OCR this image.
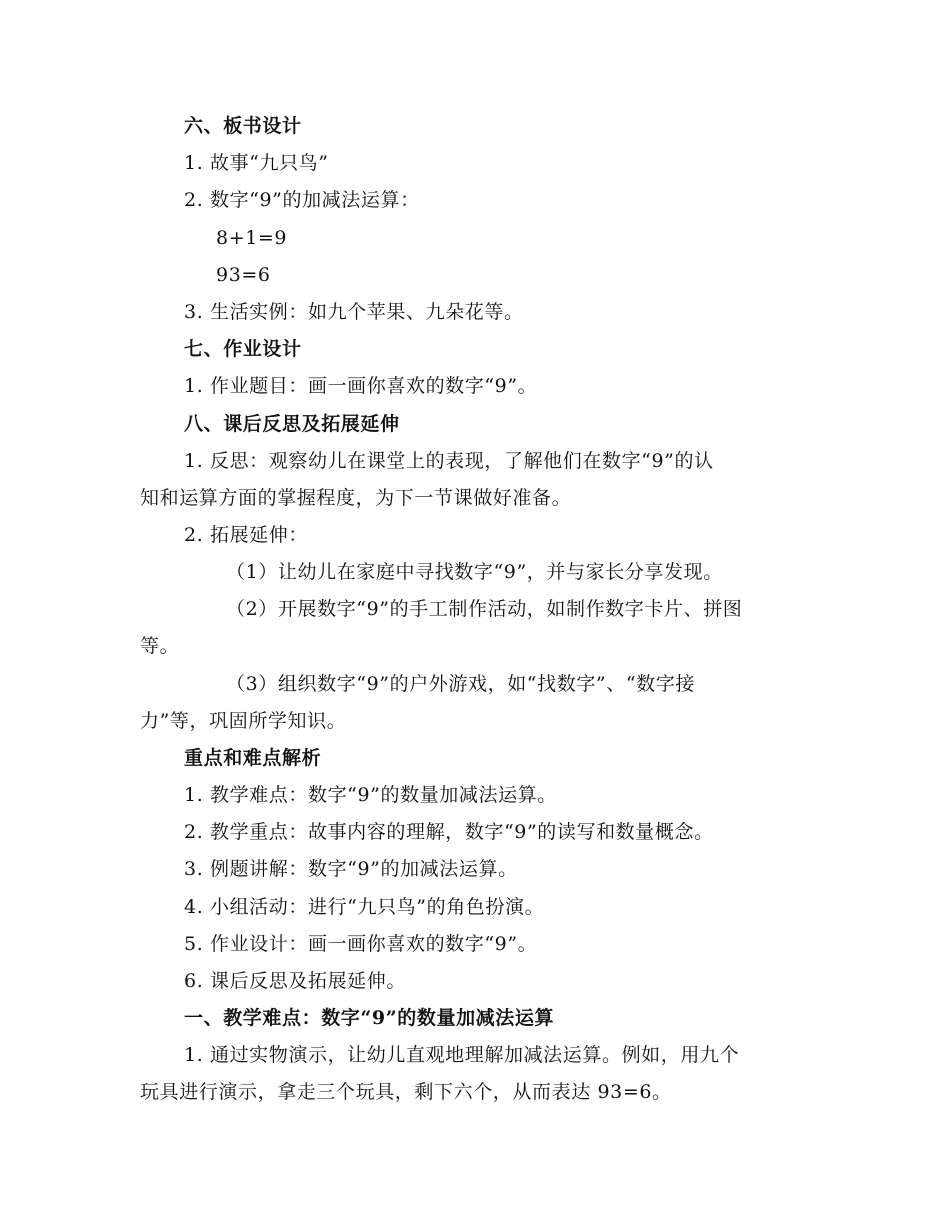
六、板书设计
1. 故事“九只鸟”
2. 数字“9”的加减法运算：
8+1=9
93=6
3. 生活实例：如九个苹果、九朵花等。
七、作业设计
1. 作业题目：画一画你喜欢的数字“9”。
八、课后反思及拓展延伸
1. 反思：观察幼儿在课堂上的表现，了解他们在数字“9”的认
知和运算方面的掌握程度，为下一节课做好准备。
2. 拓展延伸：
（1）让幼儿在家庭中寻找数字“9”，并与家长分享发现。
（2）开展数字“9”的手工制作活动，如制作数字卡片、拼图
等。
（3）组织数字“9”的户外游戏，如“找数字”、“数字接
力”等，巩固所学知识。
重点和难点解析
1. 教学难点：数字“9”的数量加减法运算。
2. 教学重点：故事内容的理解，数字“9”的读写和数量概念。
3. 例题讲解：数字“9”的加减法运算。
4. 小组活动：进行“九只鸟”的角色扮演。
5. 作业设计：画一画你喜欢的数字“9”。
6. 课后反思及拓展延伸。
一、教学难点：数字“9”的数量加减法运算
1. 通过实物演示，让幼儿直观地理解加减法运算。例如，用九个
玩具进行演示，拿走三个玩具，剩下六个，从而表达 93=6。
